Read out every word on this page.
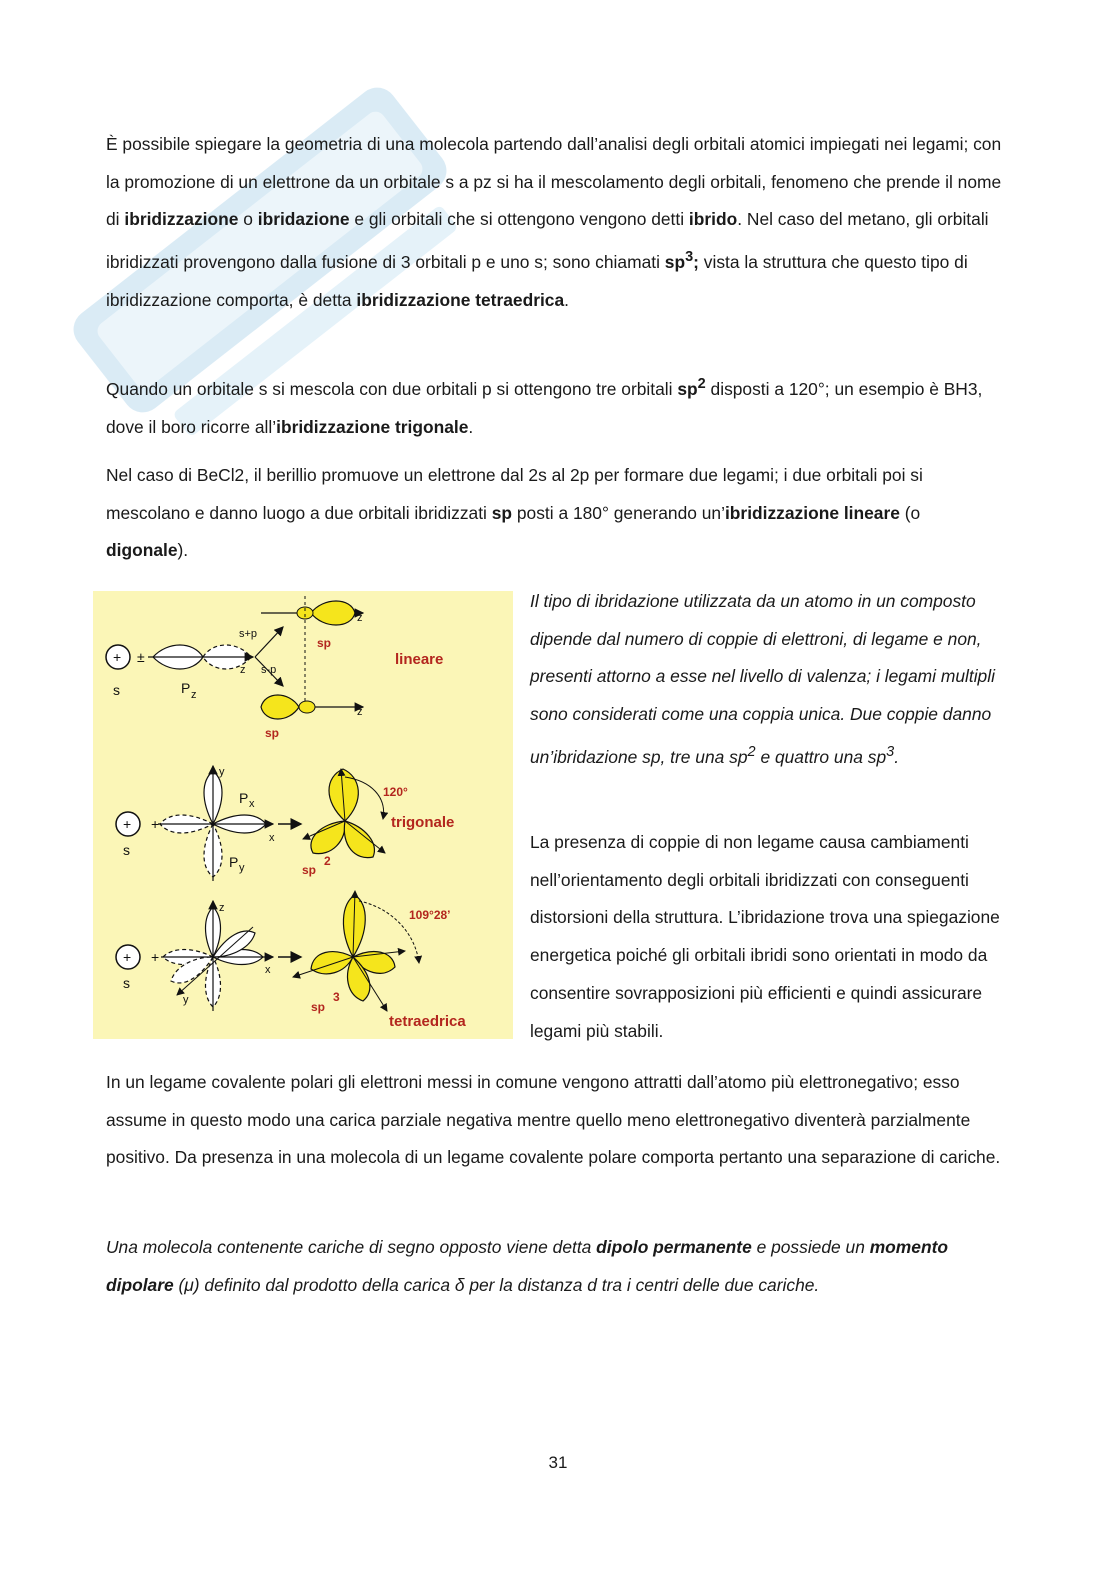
È possibile spiegare la geometria di una molecola partendo dall’analisi degli orbitali atomici impiegati nei legami; con la promozione di un elettrone da un orbitale s a pz si ha il mescolamento degli orbitali, fenomeno che prende il nome di ibridizzazione o ibridazione e gli orbitali che si ottengono vengono detti ibrido. Nel caso del metano, gli orbitali ibridizzati provengono dalla fusione di 3 orbitali p e uno s; sono chiamati $sp^3$; vista la struttura che questo tipo di ibridizzazione comporta, è detta ibridizzazione tetraedrica.

Quando un orbitale s si mescola con due orbitali p si ottengono tre orbitali $sp^2$ disposti a 120°; un esempio è BH3, dove il boro ricorre all’ibridizzazione trigonale.

Nel caso di BeCl2, il berillio promuove un elettrone dal 2s al 2p per formare due legami; i due orbitali poi si mescolano e danno luogo a due orbitali ibridizzati sp posti a 180° generando un’ibridizzazione lineare (o digonale).

+
s
±
z
P z
s+p
s-p
z
sp
z
sp
lineare
+
s
+
x
y
P x
P y
120°
trigonale
sp
2
+
s
+
z
x
y
109°28’
sp
3
tetraedrica

Il tipo di ibridazione utilizzata da un atomo in un composto dipende dal numero di coppie di elettroni, di legame e non, presenti attorno a esse nel livello di valenza; i legami multipli sono considerati come una coppia unica. Due coppie danno un’ibridazione sp, tre una $sp^2$ e quattro una $sp^3$.

La presenza di coppie di non legame causa cambiamenti nell’orientamento degli orbitali ibridizzati con conseguenti distorsioni della struttura. L’ibridazione trova una spiegazione energetica poiché gli orbitali ibridi sono orientati in modo da consentire sovrapposizioni più efficienti e quindi assicurare legami più stabili.

In un legame covalente polari gli elettroni messi in comune vengono attratti dall’atomo più elettronegativo; esso assume in questo modo una carica parziale negativa mentre quello meno elettronegativo diventerà parzialmente positivo. Da presenza in una molecola di un legame covalente polare comporta pertanto una separazione di cariche.

Una molecola contenente cariche di segno opposto viene detta dipolo permanente e possiede un momento dipolare (μ) definito dal prodotto della carica δ per la distanza d tra i centri delle due cariche.

31
